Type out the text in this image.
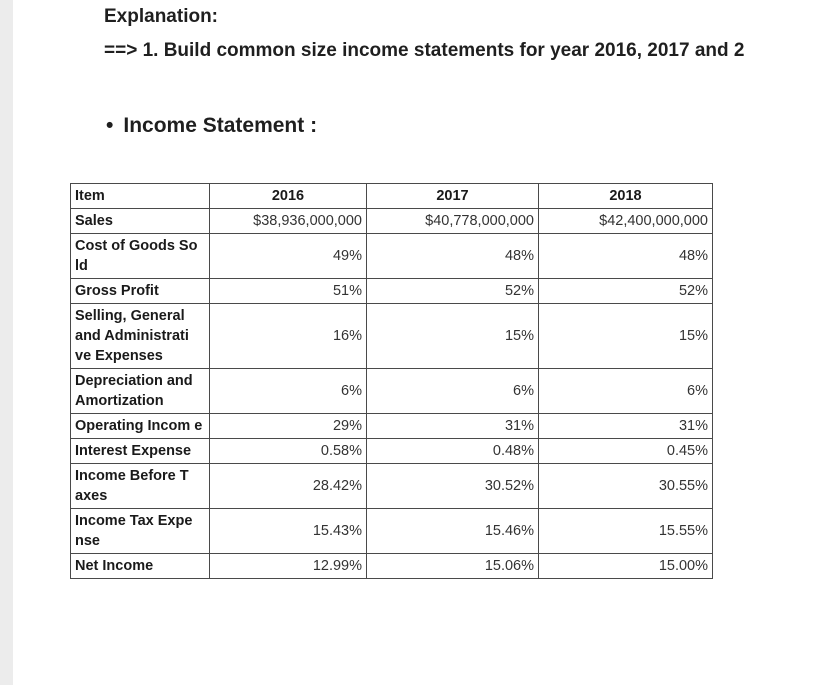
Explanation:
==> 1. Build common size income statements for year 2016, 2017 and 2
• Income Statement :
Item	2016	2017	2018
Sales	$38,936,000,000	$40,778,000,000	$42,400,000,000
Cost of Goods So ld	49%	48%	48%
Gross Profit	51%	52%	52%
Selling, General and Administrati ve Expenses	16%	15%	15%
Depreciation and Amortization	6%	6%	6%
Operating Incom e	29%	31%	31%
Interest Expense	0.58%	0.48%	0.45%
Income Before T axes	28.42%	30.52%	30.55%
Income Tax Expe nse	15.43%	15.46%	15.55%
Net Income	12.99%	15.06%	15.00%
